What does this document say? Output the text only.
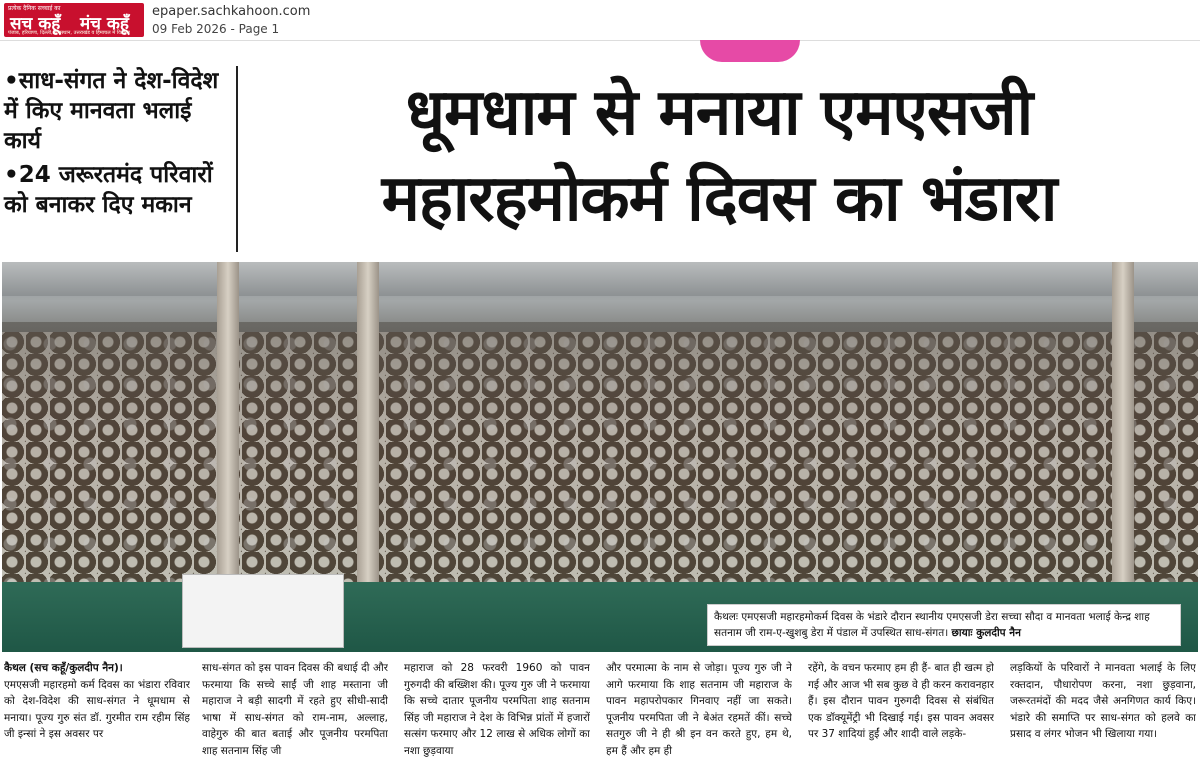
प्रत्येक दैनिक सच्चाई का
सच कहूँ मंच कहूँ
पंजाब, हरियाणा, दिल्ली, राजस्थान, उत्तराखंड व हिमाचल में वितरित
epaper.sachkahoon.com
09 Feb 2026 - Page 1
•साध-संगत ने देश-विदेश में किए मानवता भलाई कार्य
•24 जरूरतमंद परिवारों को बनाकर दिए मकान
धूमधाम से मनाया एमएसजी
महारहमोकर्म दिवस का भंडारा
कैथलः एमएसजी महारहमोकर्म दिवस के भंडारे दौरान स्थानीय एमएसजी डेरा सच्चा सौदा व मानवता भलाई केन्द्र शाह सतनाम जी राम-ए-खुशबु डेरा में पंडाल में उपस्थित साध-संगत। छायाः कुलदीप नैन
कैथल (सच कहूँ/कुलदीप नैन)।
एमएसजी महारहमो कर्म दिवस का भंडारा रविवार को देश-विदेश की साध-संगत ने धूमधाम से मनाया। पूज्य गुरु संत डॉ. गुरमीत राम रहीम सिंह जी इन्सां ने इस अवसर पर
साध-संगत को इस पावन दिवस की बधाई दी और फरमाया कि सच्चे साईं जी शाह मस्ताना जी महाराज ने बड़ी सादगी में रहते हुए सीधी-सादी भाषा में साध-संगत को राम-नाम, अल्लाह, वाहेगुरु की बात बताई और पूजनीय परमपिता शाह सतनाम सिंह जी
महाराज को 28 फरवरी 1960 को पावन गुरुगदी की बख्शिश की। पूज्य गुरु जी ने फरमाया कि सच्चे दातार पूजनीय परमपिता शाह सतनाम सिंह जी महाराज ने देश के विभिन्न प्रांतों में हजारों सत्संग फरमाए और 12 लाख से अधिक लोगों का नशा छुड़वाया
और परमात्मा के नाम से जोड़ा। पूज्य गुरु जी ने आगे फरमाया कि शाह सतनाम जी महाराज के पावन महापरोपकार गिनवाए नहीं जा सकते। पूजनीय परमपिता जी ने बेअंत रहमतें कीं। सच्चे सतगुरु जी ने ही श्री इन वन करते हुए, हम थे, हम हैं और हम ही
रहेंगे, के वचन फरमाए हम ही हैं- बात ही खत्म हो गई और आज भी सब कुछ वे ही करन करावनहार हैं। इस दौरान पावन गुरुगदी दिवस से संबंधित एक डॉक्यूमेंट्री भी दिखाई गई। इस पावन अवसर पर 37 शादियां हुईं और शादी वाले लड़के-
लड़कियों के परिवारों ने मानवता भलाई के लिए रक्तदान, पौधारोपण करना, नशा छुड़वाना, जरूरतमंदों की मदद जैसे अनगिणत कार्य किए। भंडारे की समाप्ति पर साध-संगत को हलवे का प्रसाद व लंगर भोजन भी खिलाया गया।
